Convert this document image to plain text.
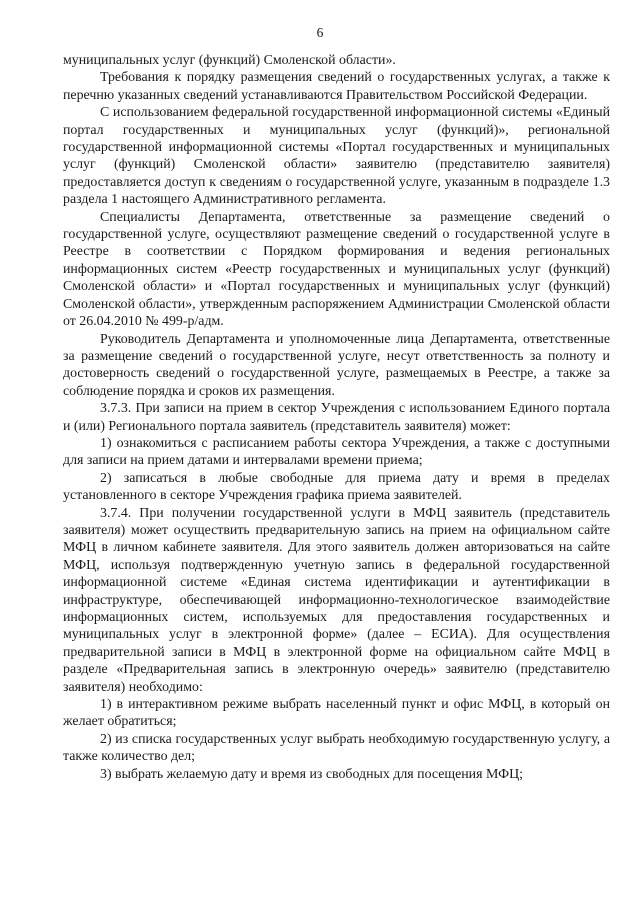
6

муниципальных услуг (функций) Смоленской области».

Требования к порядку размещения сведений о государственных услугах, а также к перечню указанных сведений устанавливаются Правительством Российской Федерации.

С использованием федеральной государственной информационной системы «Единый портал государственных и муниципальных услуг (функций)», региональной государственной информационной системы «Портал государственных и муниципальных услуг (функций) Смоленской области» заявителю (представителю заявителя) предоставляется доступ к сведениям о государственной услуге, указанным в подразделе 1.3 раздела 1 настоящего Административного регламента.

Специалисты Департамента, ответственные за размещение сведений о государственной услуге, осуществляют размещение сведений о государственной услуге в Реестре в соответствии с Порядком формирования и ведения региональных информационных систем «Реестр государственных и муниципальных услуг (функций) Смоленской области» и «Портал государственных и муниципальных услуг (функций) Смоленской области», утвержденным распоряжением Администрации Смоленской области от 26.04.2010 № 499-р/адм.

Руководитель Департамента и уполномоченные лица Департамента, ответственные за размещение сведений о государственной услуге, несут ответственность за полноту и достоверность сведений о государственной услуге, размещаемых в Реестре, а также за соблюдение порядка и сроков их размещения.

3.7.3. При записи на прием в сектор Учреждения с использованием Единого портала и (или) Регионального портала заявитель (представитель заявителя) может:

1) ознакомиться с расписанием работы сектора Учреждения, а также с доступными для записи на прием датами и интервалами времени приема;

2) записаться в любые свободные для приема дату и время в пределах установленного в секторе Учреждения графика приема заявителей.

3.7.4. При получении государственной услуги в МФЦ заявитель (представитель заявителя) может осуществить предварительную запись на прием на официальном сайте МФЦ в личном кабинете заявителя. Для этого заявитель должен авторизоваться на сайте МФЦ, используя подтвержденную учетную запись в федеральной государственной информационной системе «Единая система идентификации и аутентификации в инфраструктуре, обеспечивающей информационно-технологическое взаимодействие информационных систем, используемых для предоставления государственных и муниципальных услуг в электронной форме» (далее – ЕСИА). Для осуществления предварительной записи в МФЦ в электронной форме на официальном сайте МФЦ в разделе «Предварительная запись в электронную очередь» заявителю (представителю заявителя) необходимо:

1) в интерактивном режиме выбрать населенный пункт и офис МФЦ, в который он желает обратиться;

2) из списка государственных услуг выбрать необходимую государственную услугу, а также количество дел;

3) выбрать желаемую дату и время из свободных для посещения МФЦ;
